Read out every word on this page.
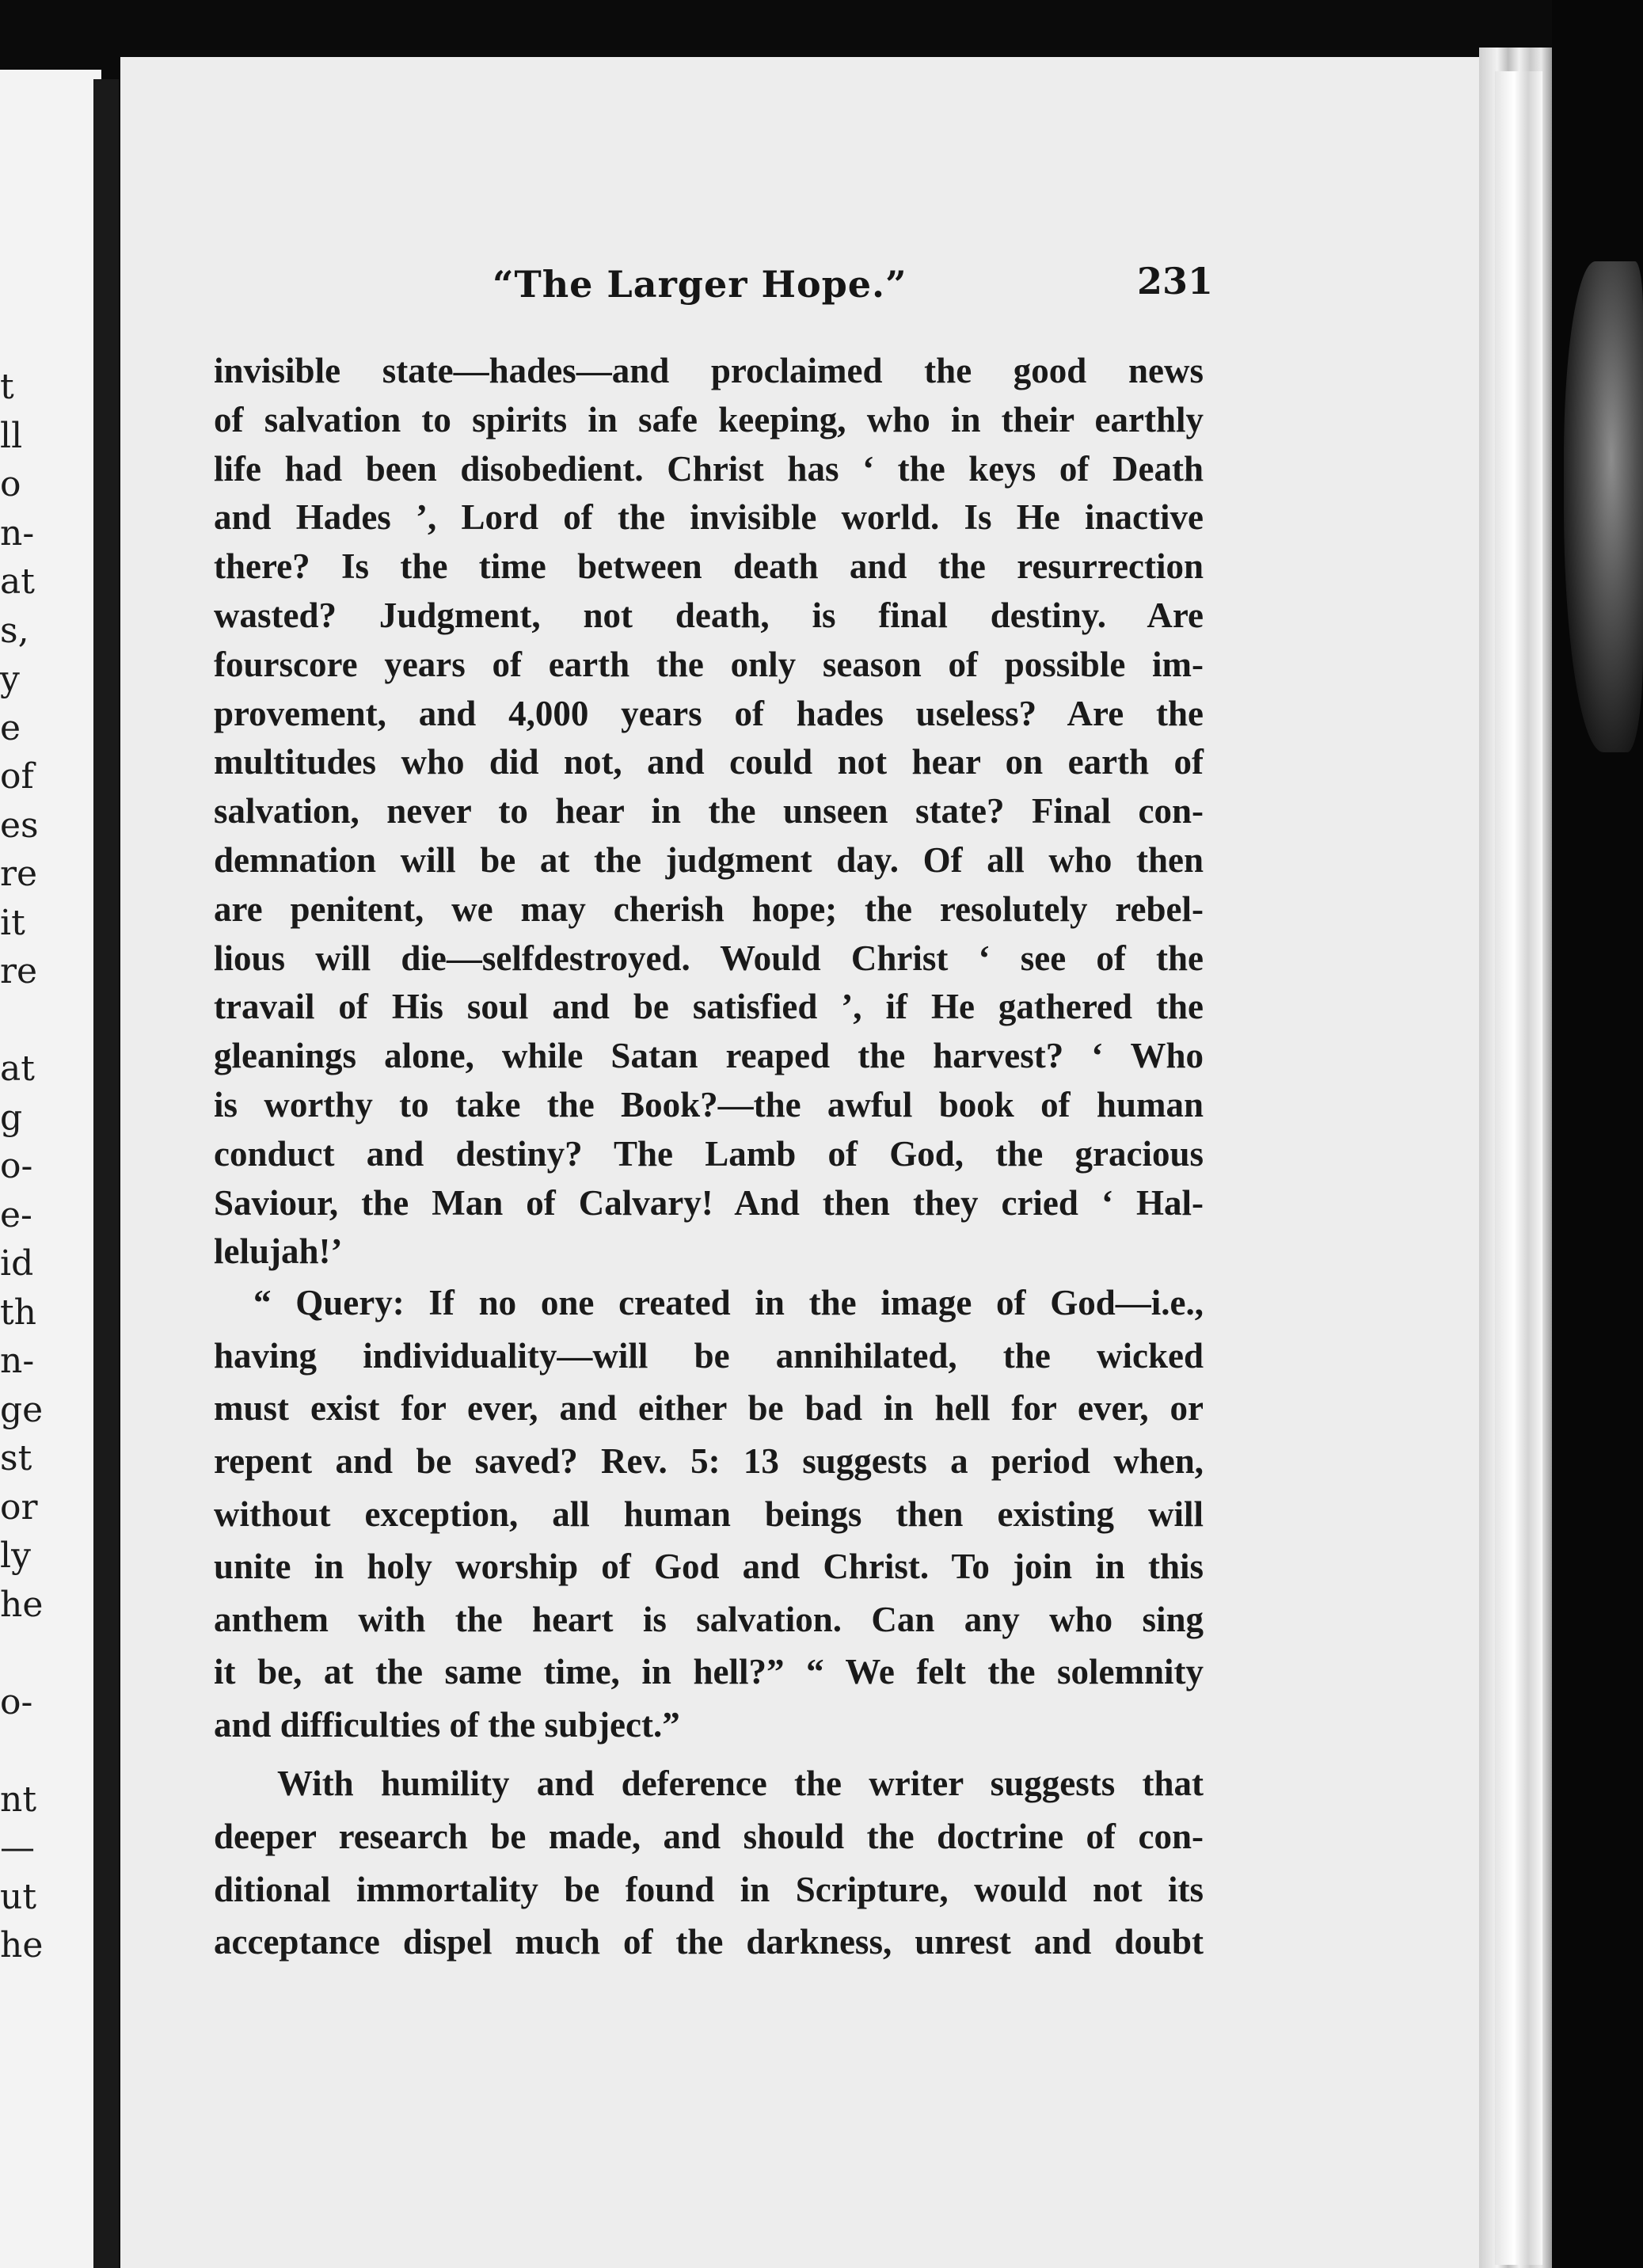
t
ll
o
n-
at
s,
y
e
of
es
re
it
re
at
g
o-
e-
id
th
n-
ge
st
or
ly
he
o-
nt
—
ut
he
“The Larger Hope.”	231
invisible state—hades—and proclaimed the good news
of salvation to spirits in safe keeping, who in their earthly
life had been disobedient. Christ has ‘ the keys of Death
and Hades ’, Lord of the invisible world. Is He inactive
there? Is the time between death and the resurrection
wasted? Judgment, not death, is final destiny. Are
fourscore years of earth the only season of possible im-
provement, and 4,000 years of hades useless? Are the
multitudes who did not, and could not hear on earth of
salvation, never to hear in the unseen state? Final con-
demnation will be at the judgment day. Of all who then
are penitent, we may cherish hope; the resolutely rebel-
lious will die—selfdestroyed. Would Christ ‘ see of the
travail of His soul and be satisfied ’, if He gathered the
gleanings alone, while Satan reaped the harvest? ‘ Who
is worthy to take the Book?—the awful book of human
conduct and destiny? The Lamb of God, the gracious
Saviour, the Man of Calvary! And then they cried ‘ Hal-
lelujah!’
“ Query: If no one created in the image of God—i.e.,
having individuality—will be annihilated, the wicked
must exist for ever, and either be bad in hell for ever, or
repent and be saved? Rev. 5: 13 suggests a period when,
without exception, all human beings then existing will
unite in holy worship of God and Christ. To join in this
anthem with the heart is salvation. Can any who sing
it be, at the same time, in hell?” “ We felt the solemnity
and difficulties of the subject.”
With humility and deference the writer suggests that
deeper research be made, and should the doctrine of con-
ditional immortality be found in Scripture, would not its
acceptance dispel much of the darkness, unrest and doubt
